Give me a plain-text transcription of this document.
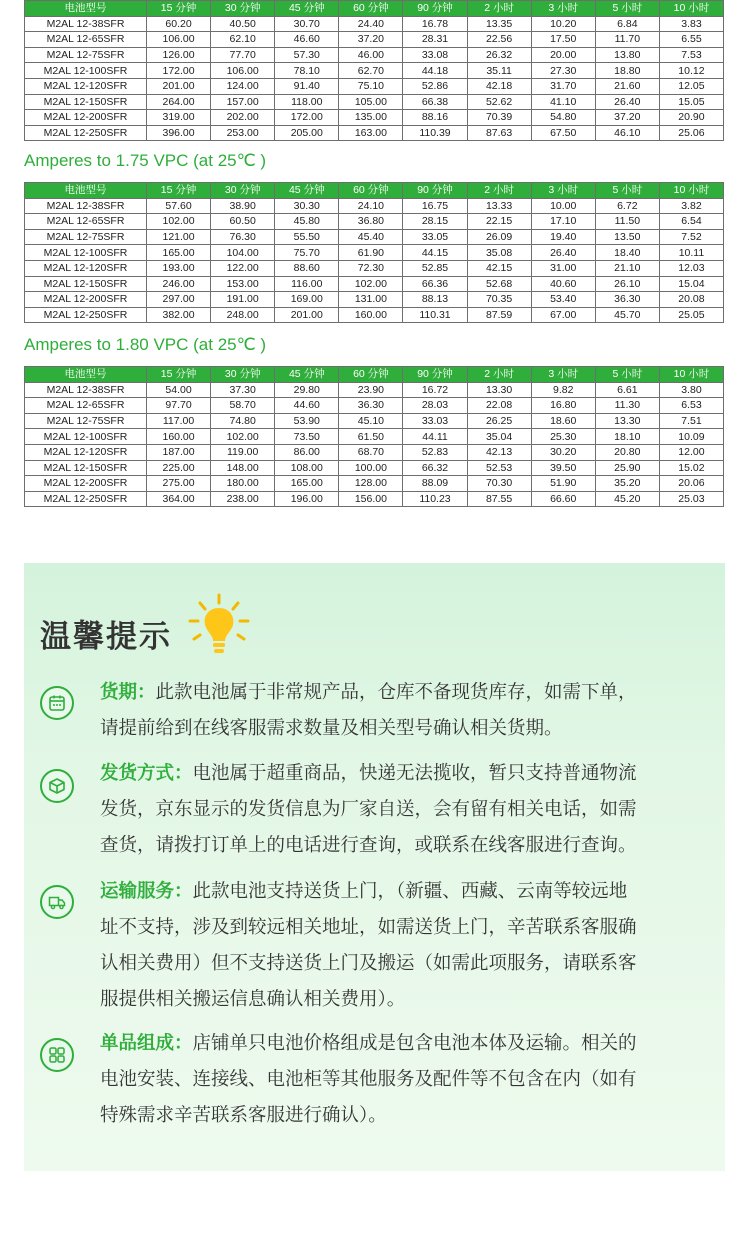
电池型号	15 分钟	30 分钟	45 分钟	60 分钟	90 分钟	2 小时	3 小时	5 小时	10 小时
M2AL 12-38SFR	60.20	40.50	30.70	24.40	16.78	13.35	10.20	6.84	3.83
M2AL 12-65SFR	106.00	62.10	46.60	37.20	28.31	22.56	17.50	11.70	6.55
M2AL 12-75SFR	126.00	77.70	57.30	46.00	33.08	26.32	20.00	13.80	7.53
M2AL 12-100SFR	172.00	106.00	78.10	62.70	44.18	35.11	27.30	18.80	10.12
M2AL 12-120SFR	201.00	124.00	91.40	75.10	52.86	42.18	31.70	21.60	12.05
M2AL 12-150SFR	264.00	157.00	118.00	105.00	66.38	52.62	41.10	26.40	15.05
M2AL 12-200SFR	319.00	202.00	172.00	135.00	88.16	70.39	54.80	37.20	20.90
M2AL 12-250SFR	396.00	253.00	205.00	163.00	110.39	87.63	67.50	46.10	25.06
Amperes to 1.75 VPC (at 25℃ )
电池型号	15 分钟	30 分钟	45 分钟	60 分钟	90 分钟	2 小时	3 小时	5 小时	10 小时
M2AL 12-38SFR	57.60	38.90	30.30	24.10	16.75	13.33	10.00	6.72	3.82
M2AL 12-65SFR	102.00	60.50	45.80	36.80	28.15	22.15	17.10	11.50	6.54
M2AL 12-75SFR	121.00	76.30	55.50	45.40	33.05	26.09	19.40	13.50	7.52
M2AL 12-100SFR	165.00	104.00	75.70	61.90	44.15	35.08	26.40	18.40	10.11
M2AL 12-120SFR	193.00	122.00	88.60	72.30	52.85	42.15	31.00	21.10	12.03
M2AL 12-150SFR	246.00	153.00	116.00	102.00	66.36	52.68	40.60	26.10	15.04
M2AL 12-200SFR	297.00	191.00	169.00	131.00	88.13	70.35	53.40	36.30	20.08
M2AL 12-250SFR	382.00	248.00	201.00	160.00	110.31	87.59	67.00	45.70	25.05
Amperes to 1.80 VPC (at 25℃ )
电池型号	15 分钟	30 分钟	45 分钟	60 分钟	90 分钟	2 小时	3 小时	5 小时	10 小时
M2AL 12-38SFR	54.00	37.30	29.80	23.90	16.72	13.30	9.82	6.61	3.80
M2AL 12-65SFR	97.70	58.70	44.60	36.30	28.03	22.08	16.80	11.30	6.53
M2AL 12-75SFR	117.00	74.80	53.90	45.10	33.03	26.25	18.60	13.30	7.51
M2AL 12-100SFR	160.00	102.00	73.50	61.50	44.11	35.04	25.30	18.10	10.09
M2AL 12-120SFR	187.00	119.00	86.00	68.70	52.83	42.13	30.20	20.80	12.00
M2AL 12-150SFR	225.00	148.00	108.00	100.00	66.32	52.53	39.50	25.90	15.02
M2AL 12-200SFR	275.00	180.00	165.00	128.00	88.09	70.30	51.90	35.20	20.06
M2AL 12-250SFR	364.00	238.00	196.00	156.00	110.23	87.55	66.60	45.20	25.03
温馨提示
货期：此款电池属于非常规产品，仓库不备现货库存，如需下单，
请提前给到在线客服需求数量及相关型号确认相关货期。
发货方式：电池属于超重商品，快递无法揽收，暂只支持普通物流
发货，京东显示的发货信息为厂家自送，会有留有相关电话，如需
查货，请拨打订单上的电话进行查询，或联系在线客服进行查询。
运输服务：此款电池支持送货上门，（新疆、西藏、云南等较远地
址不支持，涉及到较远相关地址，如需送货上门，辛苦联系客服确
认相关费用）但不支持送货上门及搬运（如需此项服务，请联系客
服提供相关搬运信息确认相关费用）。
单品组成：店铺单只电池价格组成是包含电池本体及运输。相关的
电池安装、连接线、电池柜等其他服务及配件等不包含在内（如有
特殊需求辛苦联系客服进行确认）。
